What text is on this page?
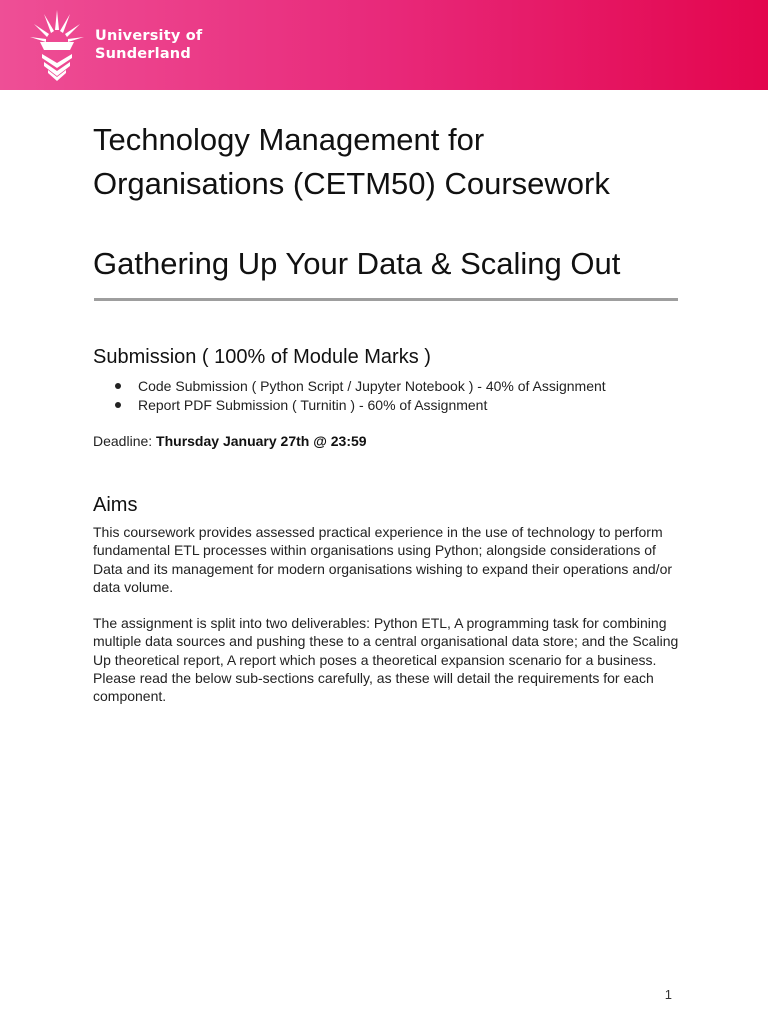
University of
Sunderland
Technology Management for Organisations (CETM50) Coursework
Gathering Up Your Data & Scaling Out
Submission ( 100% of Module Marks )
Code Submission ( Python Script / Jupyter Notebook ) - 40% of Assignment
Report PDF Submission ( Turnitin ) - 60% of Assignment

Deadline: Thursday January 27th @ 23:59

Aims

This coursework provides assessed practical experience in the use of technology to perform fundamental ETL processes within organisations using Python; alongside considerations of Data and its management for modern organisations wishing to expand their operations and/or data volume.

The assignment is split into two deliverables: Python ETL, A programming task for combining multiple data sources and pushing these to a central organisational data store; and the Scaling Up theoretical report, A report which poses a theoretical expansion scenario for a business. Please read the below sub-sections carefully, as these will detail the requirements for each component.

1
